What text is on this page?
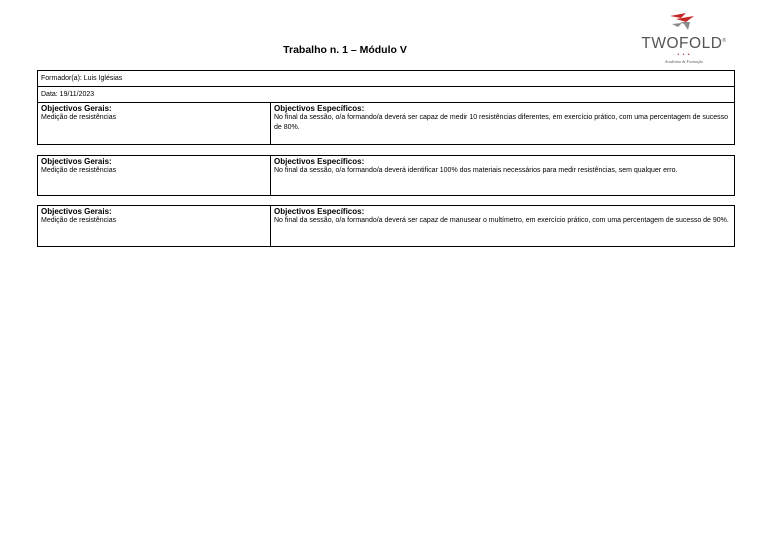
Trabalho n. 1 – Módulo V	TWOFOLD®
• • •
Academia de Formação
Formador(a): Luis Iglésias
Data: 19/11/2023
Objectivos Gerais:
Medição de resistências
Objectivos Específicos:
No final da sessão, o/a formando/a deverá ser capaz de medir 10 resistências diferentes, em exercício prático, com uma percentagem de sucesso de 80%.
Objectivos Gerais:
Medição de resistências
Objectivos Específicos:
No final da sessão, o/a formando/a deverá identificar 100% dos materiais necessários para medir resistências, sem qualquer erro.
Objectivos Gerais:
Medição de resistências
Objectivos Específicos:
No final da sessão, o/a formando/a deverá ser capaz de manusear o multímetro, em exercício prático, com uma percentagem de sucesso de 90%.
